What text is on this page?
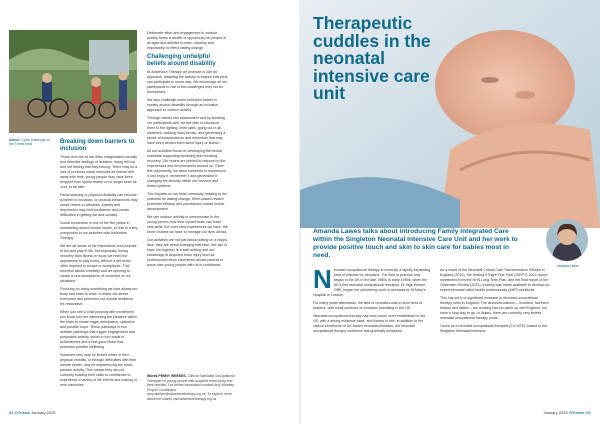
Above: Cycle challenge on the Forest trails	Breaking down barriers to inclusion

Those who are at are often marginalised socially and describe feelings of isolation, being left out and not feeling that they belong. There may be a loss of previous social networks as friends drift away with time, young people may have been dropped from sports teams or no longer seen as 'cool' to be with.

Facial scarring or physical disability can become a barrier to inclusion, or unusual behaviours may cause others to withdraw. Anxiety and depression may limit confidence and create difficulties in getting out and socially.

Social connection is one of the five pillars in maintaining sound mental health, so this is a key component in our activities with Adventure Therapy.

We are all aware of the importance and purpose of fun and play in life, but especially during recovery from illness or injury we need the opportunity to play freely, without a set script often required in school or workplaces. This freeness allows creativity and an opening to create a new acceptance of ourselves or our situations.

Focusing on doing something we love allows our body and brain to relax. It resets our stress hormones and promotes our mental resilience. It's restorative.

When you see a child jumping with excitement you know you are witnessing the pleasure within the brain to create eager anticipation, optimism and positive hope. These pathways in turn activate pathways that trigger engagement and purposeful activity, which in turn leads to achievement and a feel-good factor that promotes positive wellbeing.

Someone who may be limited either in their physical mobility, or through difficulties with their mental health, may be experiencing too much passive activity. This means they are not currently building their skills or confidence to experience a variety of life events and making of new memories.

Deliberate effort and engagement in outdoor activity forms a wealth of opportunity for people of all ages and abilities to learn, develop and importantly, to effect lasting change.

Challenging unhelpful beliefs around disability

At Adventure Therapy we promote a 'can do' approach, adapting the activity to ensure everyone can participate in some way. We encourage all our participants to rise to the challenges they set for themselves.

We also challenge some unhelpful beliefs in society around disability through an inclusive approach to outdoor activity.

Through careful risk assessment and by knowing our participants well, we are able to introduce them to fire lighting, knife skills, going out in all weathers, tackling tricky terrain, and generating a sense of independence and adventure that may have been denied them since injury or illness.

All our activities focus on developing the neural substrate supporting wellbeing and boosting recovery. Our brains are primed to respond to the experiences and environments around us. Given this opportunity, we allow ourselves to experience it and enjoy it, remember it and generalise it, changing the circuitry within our nervous and limbic systems.

This impacts on our brain chemistry, leading to the potential for lasting change. Effort-based reward promotes efficacy and persistence toward further development.

We use outdoor activity to demonstrate to the young person how their injured brain can learn new skills: the more new experiences we have, the more choices we have to manage our lives ahead.

Our activities are not just about putting on a happy face, they are about changing that face. We aim to have fun together in a safe setting and our knowledge of acquired brain injury and our professional return experience allows parents to leave their young people with us in confidence.

Words PENNY WEEKES, Clinical Specialist Occupational Therapist for young people with acquired brain injury and their families. For further information contact Amy Weekes, Project Coordinator: amy.weekes@adventuretherapy.org.uk. To explore more about the charity visit adventuretherapy.org.uk
22 OTnews January 2025
Therapeutic cuddles in the neonatal intensive care unit
Amanda Lawes talks about introducing Family Integrated Care within the Singleton Neonatal Intensive Care Unit and her work to provide positive touch and skin to skin care for babies most in need.
Amanda Lawes

Neonatal occupational therapy is currently a rapidly expanding area of practice for clinicians. The field of practice only began in the UK in the late 1980s to early 1990s, when the UK's first neonatal occupational therapist, Dr Inga Warren OBE, began her pioneering work in neonates at St Mary's Hospital in London.

For many years afterwards, the field of neonates was a niche area of practice, with small numbers of clinicians practising in the UK.

Neonatal occupational therapy has been much more established in the US, with a strong evidence base, and thanks to this, in addition to the clinical excellence of UK-based neonatal clinicians, the neonatal occupational therapy workforce has gradually increased.

As a result of the Neonatal Critical Care Transformation Review in England (2019), the Getting It Right First Time (GIRFT) 2022 report, investment from the NHS Long Term Plan, and the final report of the Ockenden Review (2022), funding was made available to develop an expert neonatal allied health professionals (AHP) workforce.

This has led to a significant increase in neonatal occupational therapy roles in England. The devolved nations – Scotland, Northern Ireland and Wales – are working hard to catch up with England, but have a long way to go. In Wales, there are currently very limited neonatal occupational therapy posts.

I work as a neonatal occupational therapist (0.5 WTE), based in the Singleton Neonatal Intensive

January 2025 OTnews 23
